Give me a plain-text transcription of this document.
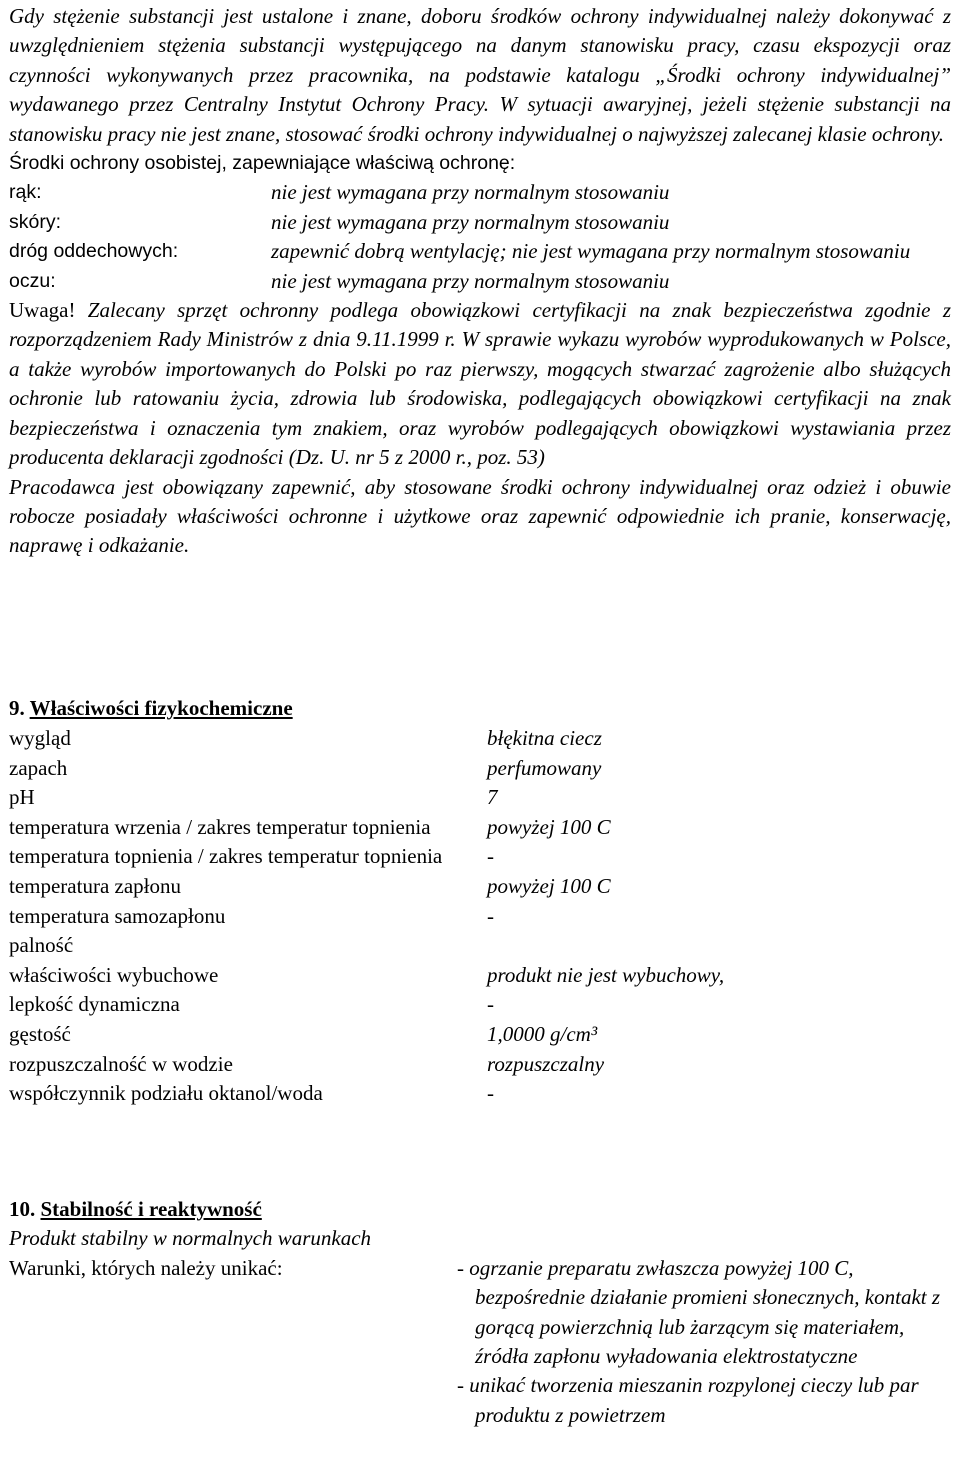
Gdy stężenie substancji jest ustalone i znane, doboru środków ochrony indywidualnej należy dokonywać z uwzględnieniem stężenia substancji występującego na danym stanowisku pracy, czasu ekspozycji oraz czynności wykonywanych przez pracownika, na podstawie katalogu „Środki ochrony indywidualnej” wydawanego przez Centralny Instytut Ochrony Pracy. W sytuacji awaryjnej, jeżeli stężenie substancji na stanowisku pracy nie jest znane, stosować środki ochrony indywidualnej o najwyższej zalecanej klasie ochrony.

Środki ochrony osobistej, zapewniające właściwą ochronę:
rąk:	nie jest wymagana przy normalnym stosowaniu
skóry:	nie jest wymagana przy normalnym stosowaniu
dróg oddechowych:	zapewnić dobrą wentylację; nie jest wymagana przy normalnym stosowaniu
oczu:	nie jest wymagana przy normalnym stosowaniu

Uwaga! Zalecany sprzęt ochronny podlega obowiązkowi certyfikacji na znak bezpieczeństwa zgodnie z rozporządzeniem Rady Ministrów z dnia 9.11.1999 r. W sprawie wykazu wyrobów wyprodukowanych w Polsce, a także wyrobów importowanych do Polski po raz pierwszy, mogących stwarzać zagrożenie albo służących ochronie lub ratowaniu życia, zdrowia lub środowiska, podlegających obowiązkowi certyfikacji na znak bezpieczeństwa i oznaczenia tym znakiem, oraz wyrobów podlegających obowiązkowi wystawiania przez producenta deklaracji zgodności (Dz. U. nr 5 z 2000 r., poz. 53)

Pracodawca jest obowiązany zapewnić, aby stosowane środki ochrony indywidualnej oraz odzież i obuwie robocze posiadały właściwości ochronne i użytkowe oraz zapewnić odpowiednie ich pranie, konserwację, naprawę i odkażanie.

9. Właściwości fizykochemiczne
wygląd	błękitna ciecz
zapach	perfumowany
pH	7
temperatura wrzenia / zakres temperatur topnienia	powyżej 100 C
temperatura topnienia / zakres temperatur topnienia	-
temperatura zapłonu	powyżej 100 C
temperatura samozapłonu	-
palność
właściwości wybuchowe	produkt nie jest wybuchowy,
lepkość dynamiczna	-
gęstość	1,0000 g/cm³
rozpuszczalność w wodzie	rozpuszczalny
współczynnik podziału oktanol/woda	-
10. Stabilność i reaktywność
Produkt stabilny w normalnych warunkach
Warunki, których należy unikać:	- ogrzanie preparatu zwłaszcza powyżej 100 C, bezpośrednie działanie promieni słonecznych, kontakt z gorącą powierzchnią lub żarzącym się materiałem, źródła zapłonu wyładowania elektrostatyczne

- unikać tworzenia mieszanin rozpylonej cieczy lub par produktu z powietrzem
